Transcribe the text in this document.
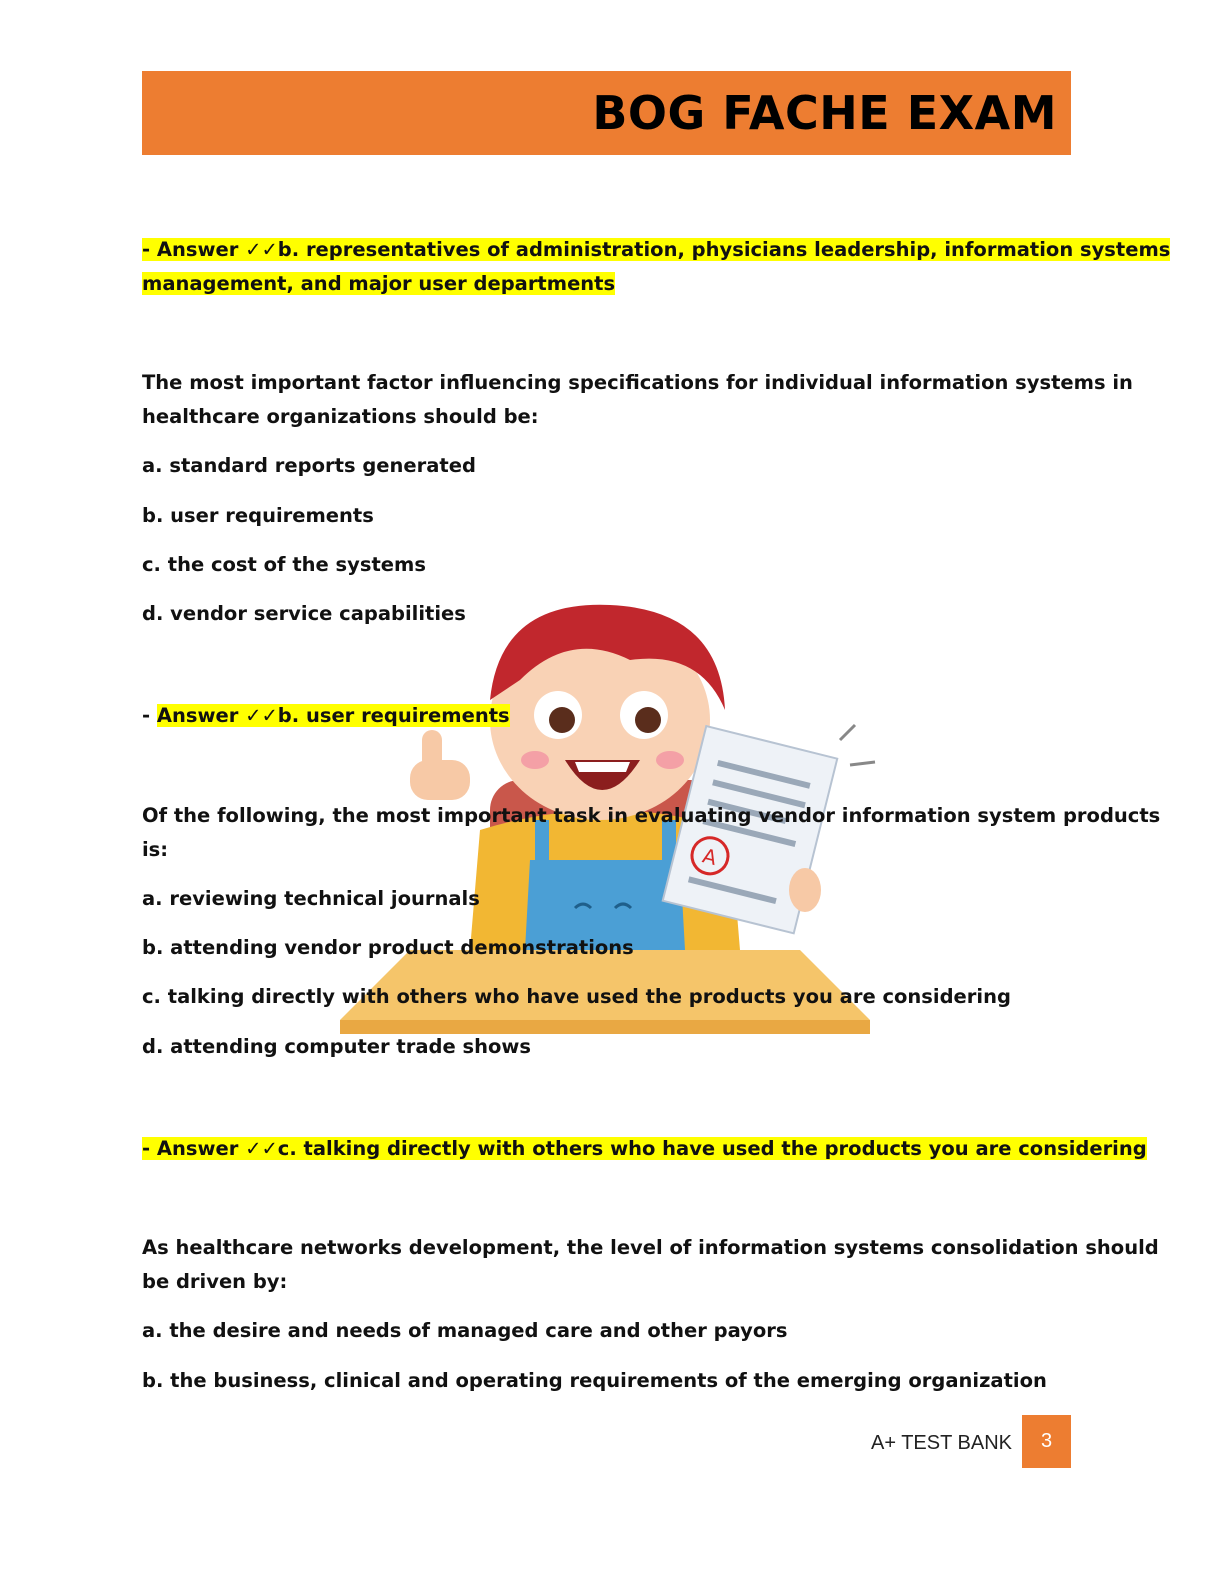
BOG FACHE EXAM
A
- Answer ✓✓b. representatives of administration, physicians leadership, information systems
management, and major user departments
The most important factor influencing specifications for individual information systems in
healthcare organizations should be:
a. standard reports generated
b. user requirements
c. the cost of the systems
d. vendor service capabilities
- Answer ✓✓b. user requirements
Of the following, the most important task in evaluating vendor information system products
is:
a. reviewing technical journals
b. attending vendor product demonstrations
c. talking directly with others who have used the products you are considering
d. attending computer trade shows
- Answer ✓✓c. talking directly with others who have used the products you are considering
As healthcare networks development, the level of information systems consolidation should
be driven by:
a. the desire and needs of managed care and other payors
b. the business, clinical and operating requirements of the emerging organization
A+ TEST BANK	3
